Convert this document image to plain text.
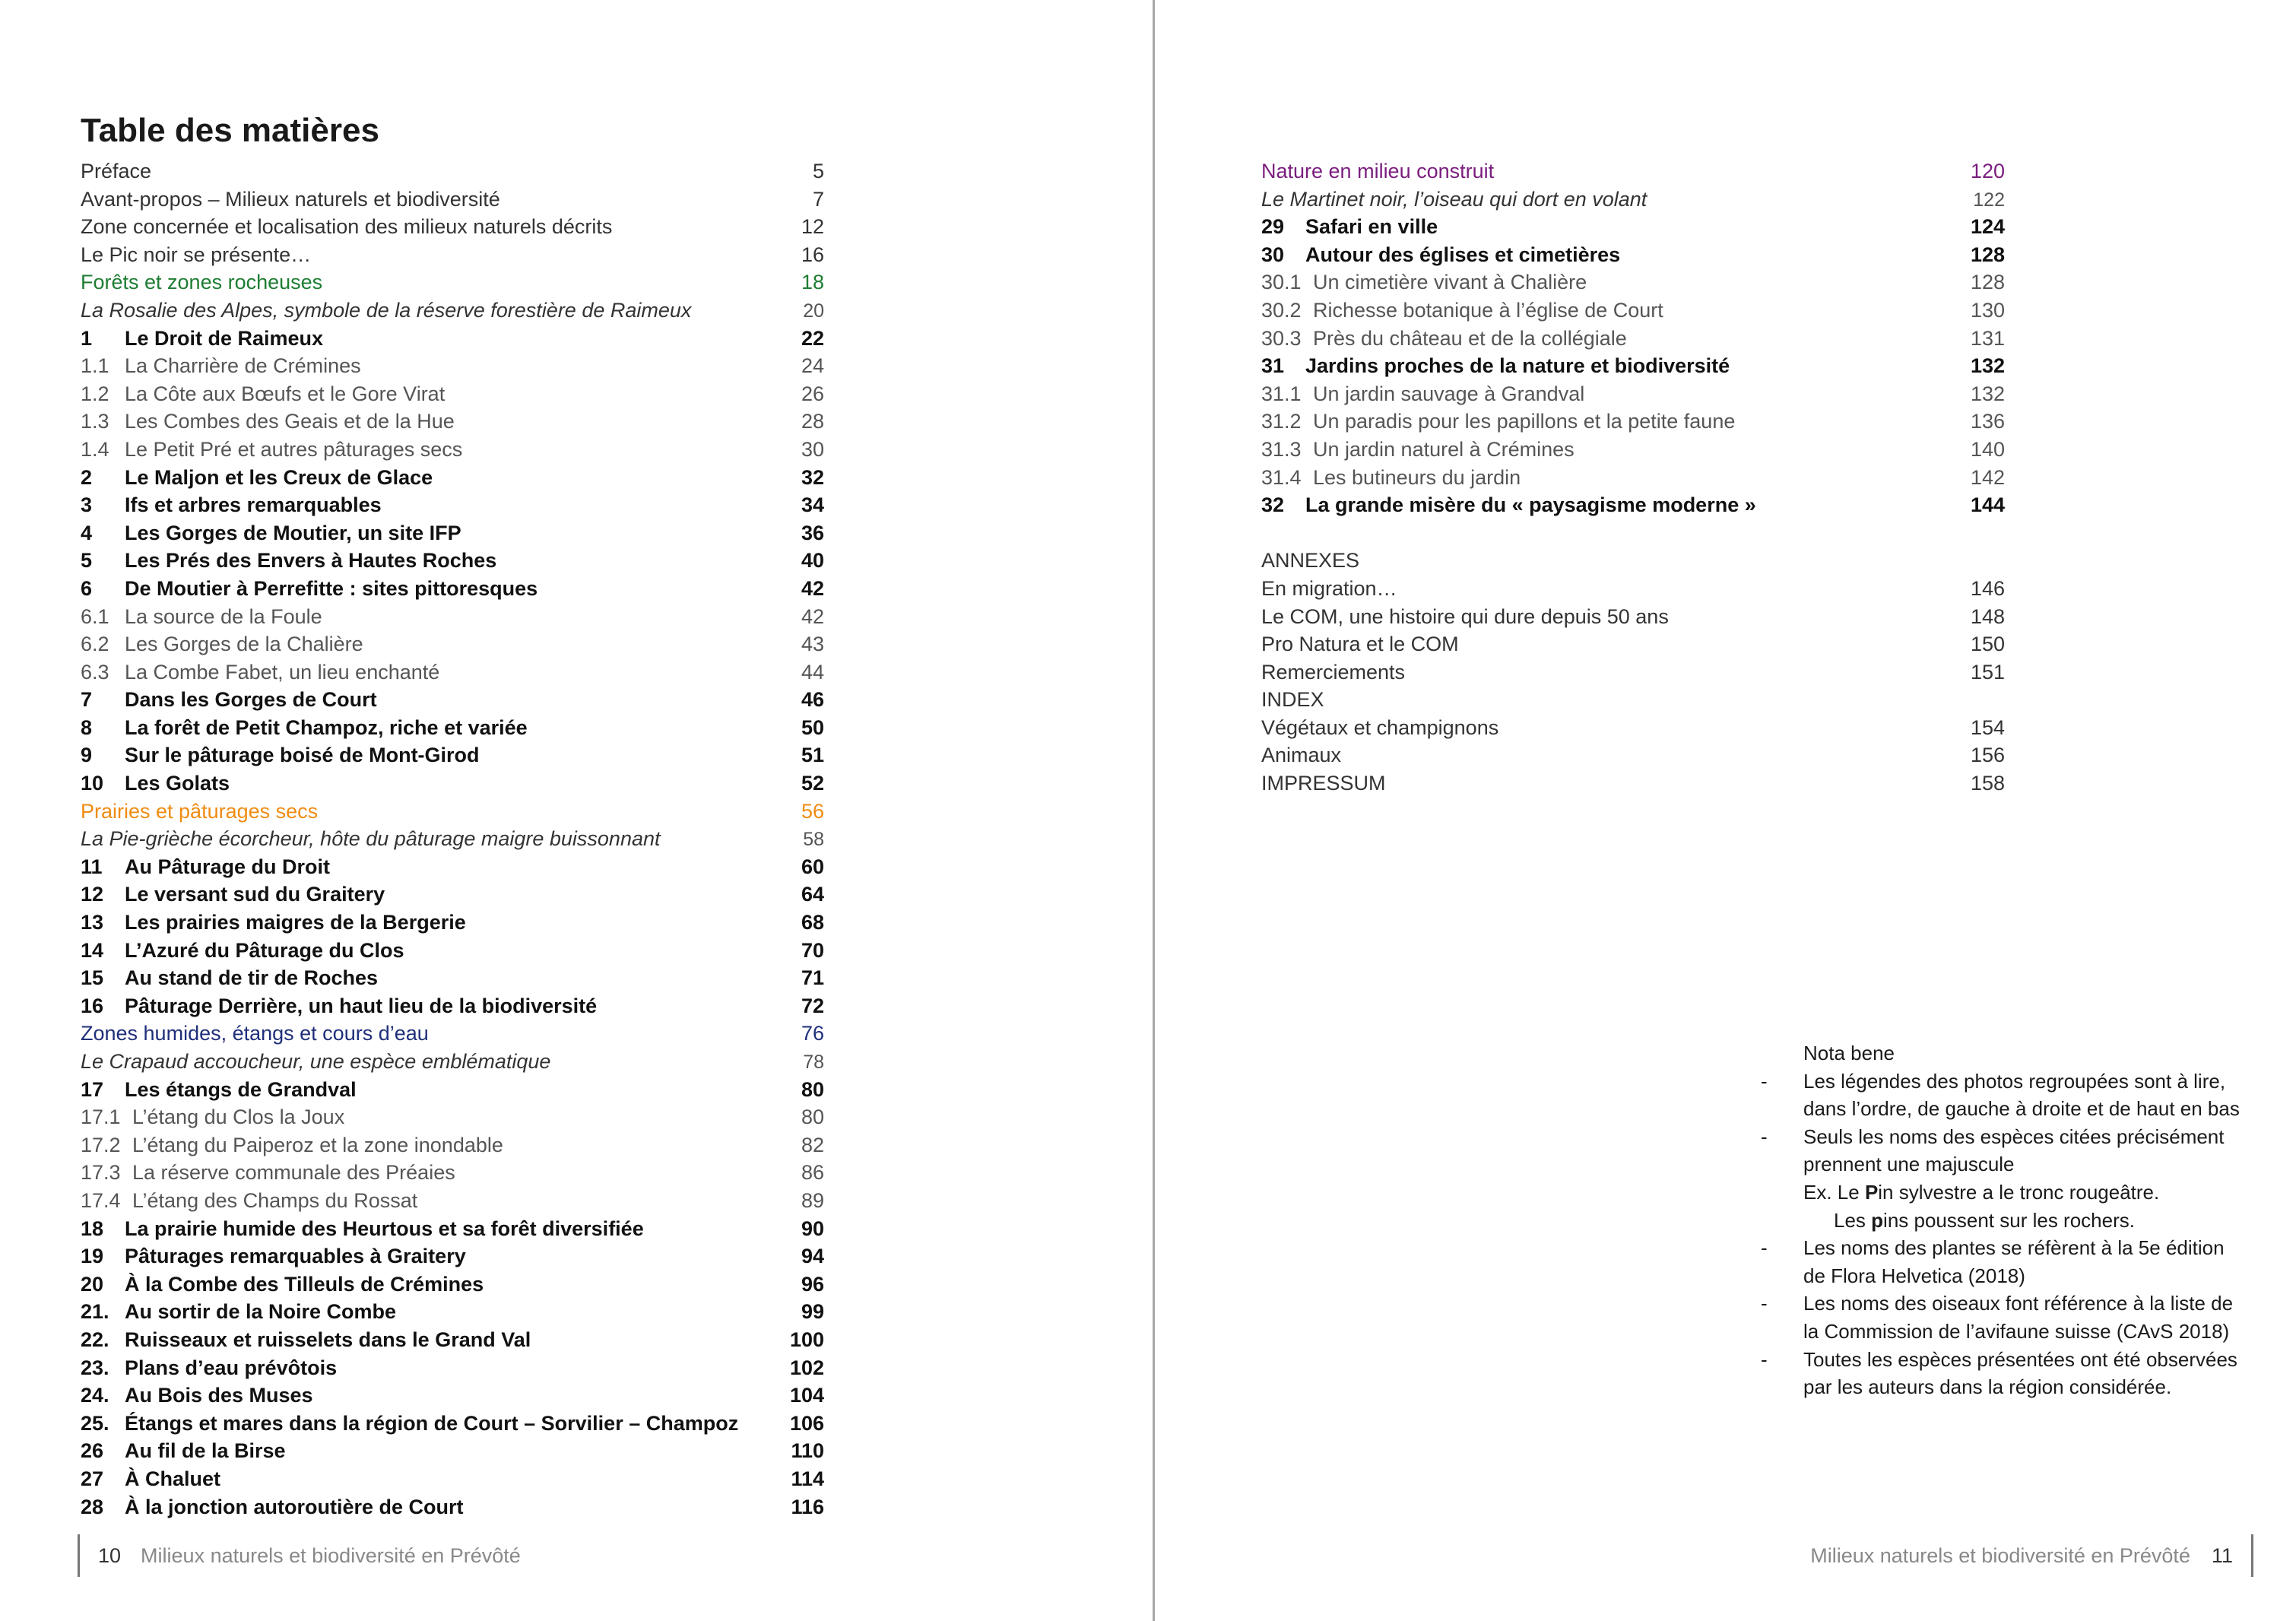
Table des matières
Préface	5
Avant-propos – Milieux naturels et biodiversité	7
Zone concernée et localisation des milieux naturels décrits	12
Le Pic noir se présente…	16
Forêts et zones rocheuses	18
La Rosalie des Alpes, symbole de la réserve forestière de Raimeux	20
1 Le Droit de Raimeux	22
1.1 La Charrière de Crémines	24
1.2 La Côte aux Bœufs et le Gore Virat	26
1.3 Les Combes des Geais et de la Hue	28
1.4 Le Petit Pré et autres pâturages secs	30
2 Le Maljon et les Creux de Glace	32
3 Ifs et arbres remarquables	34
4 Les Gorges de Moutier, un site IFP	36
5 Les Prés des Envers à Hautes Roches	40
6 De Moutier à Perrefitte : sites pittoresques	42
6.1 La source de la Foule	42
6.2 Les Gorges de la Chalière	43
6.3 La Combe Fabet, un lieu enchanté	44
7 Dans les Gorges de Court	46
8 La forêt de Petit Champoz, riche et variée	50
9 Sur le pâturage boisé de Mont-Girod	51
10 Les Golats	52
Prairies et pâturages secs	56
La Pie-grièche écorcheur, hôte du pâturage maigre buissonnant	58
11 Au Pâturage du Droit	60
12 Le versant sud du Graitery	64
13 Les prairies maigres de la Bergerie	68
14 L’Azuré du Pâturage du Clos	70
15 Au stand de tir de Roches	71
16 Pâturage Derrière, un haut lieu de la biodiversité	72
Zones humides, étangs et cours d’eau	76
Le Crapaud accoucheur, une espèce emblématique	78
17 Les étangs de Grandval	80
17.1 L’étang du Clos la Joux	80
17.2 L’étang du Paiperoz et la zone inondable	82
17.3 La réserve communale des Préaies	86
17.4 L’étang des Champs du Rossat	89
18 La prairie humide des Heurtous et sa forêt diversifiée	90
19 Pâturages remarquables à Graitery	94
20 À la Combe des Tilleuls de Crémines	96
21. Au sortir de la Noire Combe	99
22. Ruisseaux et ruisselets dans le Grand Val	100
23. Plans d’eau prévôtois	102
24. Au Bois des Muses	104
25. Étangs et mares dans la région de Court – Sorvilier – Champoz	106
26 Au fil de la Birse	110
27 À Chaluet	114
28 À la jonction autoroutière de Court	116
10 Milieux naturels et biodiversité en Prévôté
Nature en milieu construit	120
Le Martinet noir, l’oiseau qui dort en volant	122
29 Safari en ville	124
30 Autour des églises et cimetières	128
30.1 Un cimetière vivant à Chalière	128
30.2 Richesse botanique à l’église de Court	130
30.3 Près du château et de la collégiale	131
31 Jardins proches de la nature et biodiversité	132
31.1 Un jardin sauvage à Grandval	132
31.2 Un paradis pour les papillons et la petite faune	136
31.3 Un jardin naturel à Crémines	140
31.4 Les butineurs du jardin	142
32 La grande misère du « paysagisme moderne »	144
ANNEXES
En migration…	146
Le COM, une histoire qui dure depuis 50 ans	148
Pro Natura et le COM	150
Remerciements	151
INDEX
Végétaux et champignons	154
Animaux	156
IMPRESSUM	158
Nota bene
-	Les légendes des photos regroupées sont à lire, dans l’ordre, de gauche à droite et de haut en bas
-	Seuls les noms des espèces citées précisément prennent une majuscule
Ex. Le Pin sylvestre a le tronc rougeâtre.
Les pins poussent sur les rochers.
-	Les noms des plantes se réfèrent à la 5e édition de Flora Helvetica (2018)
-	Les noms des oiseaux font référence à la liste de la Commission de l’avifaune suisse (CAvS 2018)
-	Toutes les espèces présentées ont été observées par les auteurs dans la région considérée.
Milieux naturels et biodiversité en Prévôté 11
